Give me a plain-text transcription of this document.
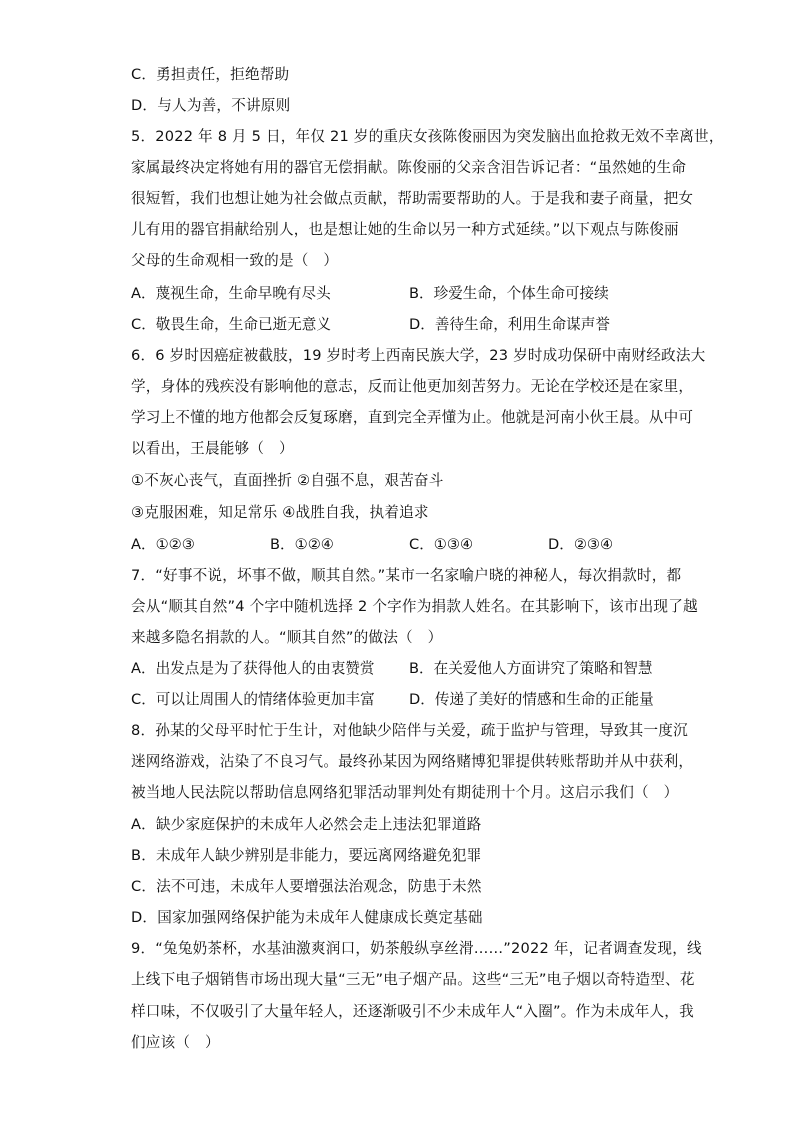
C．勇担责任，拒绝帮助
D．与人为善，不讲原则
5．2022 年 8 月 5 日，年仅 21 岁的重庆女孩陈俊丽因为突发脑出血抢救无效不幸离世，
家属最终决定将她有用的器官无偿捐献。陈俊丽的父亲含泪告诉记者：“虽然她的生命
很短暂，我们也想让她为社会做点贡献，帮助需要帮助的人。于是我和妻子商量，把女
儿有用的器官捐献给别人，也是想让她的生命以另一种方式延续。”以下观点与陈俊丽
父母的生命观相一致的是（　）
A．蔑视生命，生命早晚有尽头	B．珍爱生命，个体生命可接续
C．敬畏生命，生命已逝无意义	D．善待生命，利用生命谋声誉
6．6 岁时因癌症被截肢，19 岁时考上西南民族大学，23 岁时成功保研中南财经政法大
学，身体的残疾没有影响他的意志，反而让他更加刻苦努力。无论在学校还是在家里，
学习上不懂的地方他都会反复琢磨，直到完全弄懂为止。他就是河南小伙王晨。从中可
以看出，王晨能够（　）
①不灰心丧气，直面挫折 ②自强不息，艰苦奋斗
③克服困难，知足常乐 ④战胜自我，执着追求
A．①②③	B．①②④	C．①③④	D．②③④
7．“好事不说，坏事不做，顺其自然。”某市一名家喻户晓的神秘人，每次捐款时，都
会从“顺其自然”4 个字中随机选择 2 个字作为捐款人姓名。在其影响下，该市出现了越
来越多隐名捐款的人。“顺其自然”的做法（　）
A．出发点是为了获得他人的由衷赞赏 B．在关爱他人方面讲究了策略和智慧
C．可以让周围人的情绪体验更加丰富 D．传递了美好的情感和生命的正能量
8．孙某的父母平时忙于生计，对他缺少陪伴与关爱，疏于监护与管理，导致其一度沉
迷网络游戏，沾染了不良习气。最终孙某因为网络赌博犯罪提供转账帮助并从中获利，
被当地人民法院以帮助信息网络犯罪活动罪判处有期徒刑十个月。这启示我们（　）
A．缺少家庭保护的未成年人必然会走上违法犯罪道路
B．未成年人缺少辨别是非能力，要远离网络避免犯罪
C．法不可违，未成年人要增强法治观念，防患于未然
D．国家加强网络保护能为未成年人健康成长奠定基础
9．“兔兔奶茶杯，水基油激爽润口，奶茶般纵享丝滑……”2022 年，记者调查发现，线
上线下电子烟销售市场出现大量“三无”电子烟产品。这些“三无”电子烟以奇特造型、花
样口味，不仅吸引了大量年轻人，还逐渐吸引不少未成年人“入圈”。作为未成年人，我
们应该（　）
